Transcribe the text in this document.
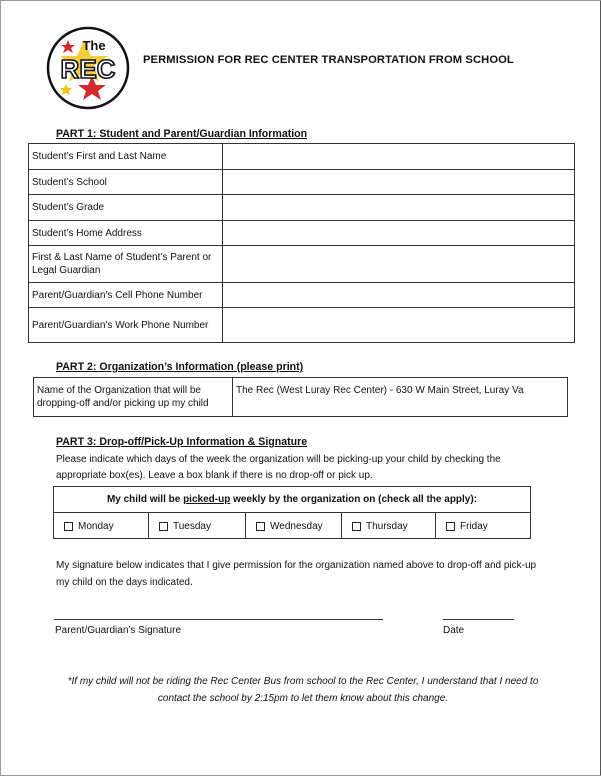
The
REC PERMISSION FOR REC CENTER TRANSPORTATION FROM SCHOOL
PART 1: Student and Parent/Guardian Information
Student’s First and Last Name	
Student’s School	
Student’s Grade	
Student’s Home Address	
First & Last Name of Student’s Parent or Legal Guardian	
Parent/Guardian’s Cell Phone Number	
Parent/Guardian’s Work Phone Number	
PART 2: Organization’s Information (please print)
Name of the Organization that will be dropping-off and/or picking up my child	The Rec (West Luray Rec Center) - 630 W Main Street, Luray Va
PART 3: Drop-off/Pick-Up Information & Signature
Please indicate which days of the week the organization will be picking-up your child by checking the appropriate box(es). Leave a box blank if there is no drop-off or pick up.
My child will be picked-up weekly by the organization on (check all the apply):
Monday	Tuesday	Wednesday	Thursday	Friday
My signature below indicates that I give permission for the organization named above to drop-off and pick-up my child on the days indicated.
Parent/Guardian’s Signature	Date
*If my child will not be riding the Rec Center Bus from school to the Rec Center, I understand that I need to contact the school by 2:15pm to let them know about this change.
